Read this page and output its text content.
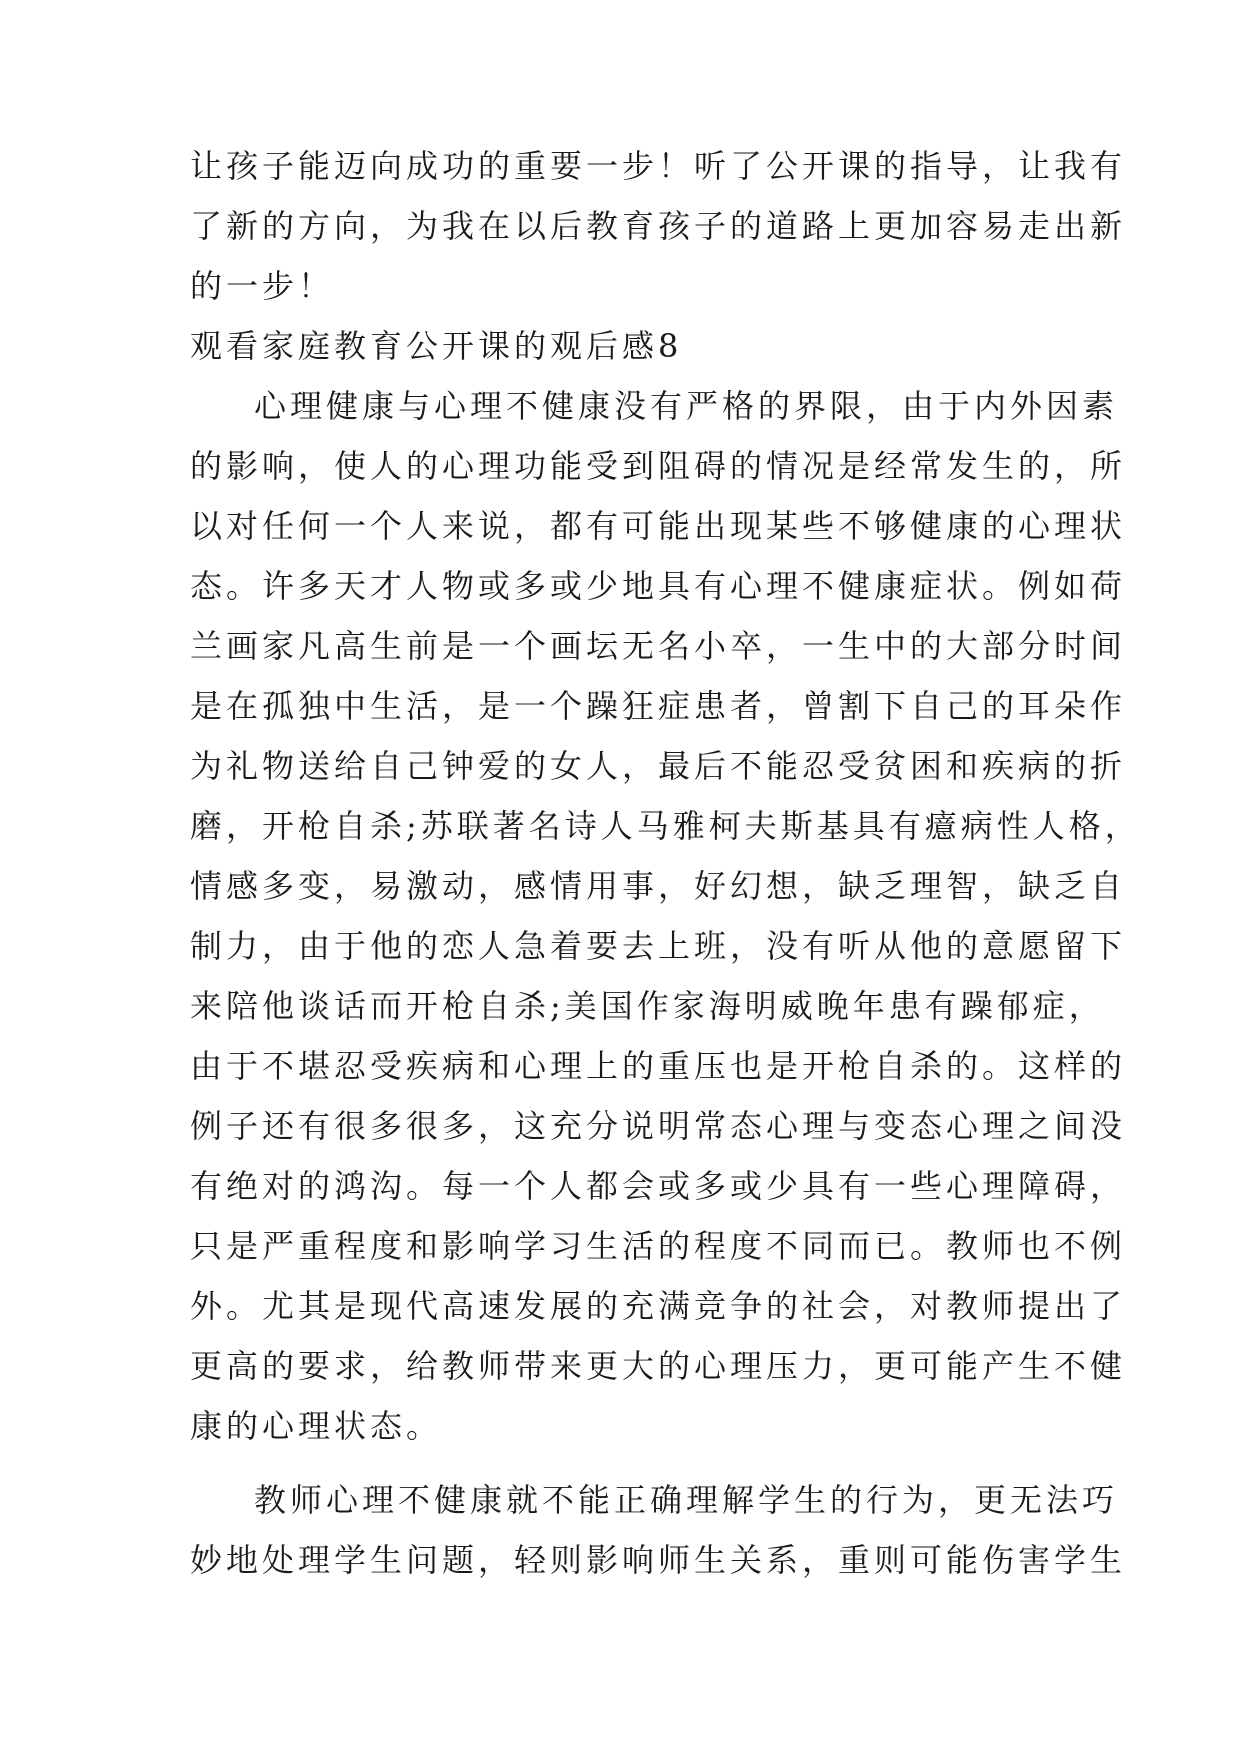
让孩子能迈向成功的重要一步！听了公开课的指导，让我有
了新的方向，为我在以后教育孩子的道路上更加容易走出新
的一步！
观看家庭教育公开课的观后感8
心理健康与心理不健康没有严格的界限，由于内外因素
的影响，使人的心理功能受到阻碍的情况是经常发生的，所
以对任何一个人来说，都有可能出现某些不够健康的心理状
态。许多天才人物或多或少地具有心理不健康症状。例如荷
兰画家凡高生前是一个画坛无名小卒，一生中的大部分时间
是在孤独中生活，是一个躁狂症患者，曾割下自己的耳朵作
为礼物送给自己钟爱的女人，最后不能忍受贫困和疾病的折
磨，开枪自杀;苏联著名诗人马雅柯夫斯基具有癔病性人格，
情感多变，易激动，感情用事，好幻想，缺乏理智，缺乏自
制力，由于他的恋人急着要去上班，没有听从他的意愿留下
来陪他谈话而开枪自杀;美国作家海明威晚年患有躁郁症，
由于不堪忍受疾病和心理上的重压也是开枪自杀的。这样的
例子还有很多很多，这充分说明常态心理与变态心理之间没
有绝对的鸿沟。每一个人都会或多或少具有一些心理障碍，
只是严重程度和影响学习生活的程度不同而已。教师也不例
外。尤其是现代高速发展的充满竞争的社会，对教师提出了
更高的要求，给教师带来更大的心理压力，更可能产生不健
康的心理状态。
教师心理不健康就不能正确理解学生的行为，更无法巧
妙地处理学生问题，轻则影响师生关系，重则可能伤害学生
